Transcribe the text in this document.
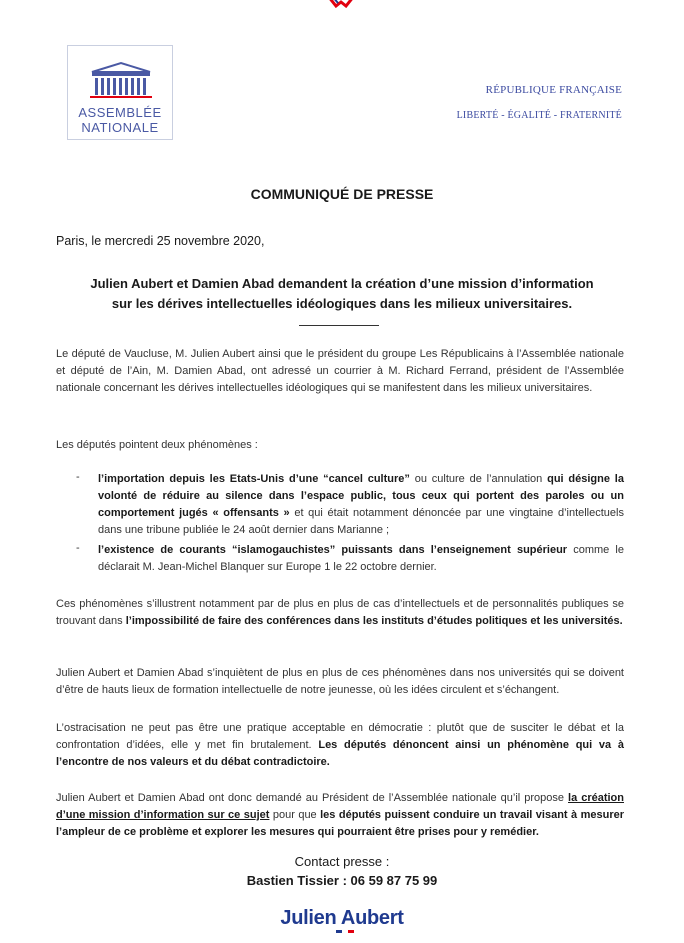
ASSEMBLÉE
NATIONALE
RÉPUBLIQUE FRANÇAISE
LIBERTÉ - ÉGALITÉ - FRATERNITÉ
COMMUNIQUÉ DE PRESSE
Paris, le mercredi 25 novembre 2020,
Julien Aubert et Damien Abad demandent la création d’une mission d’information
sur les dérives intellectuelles idéologiques dans les milieux universitaires.
Le député de Vaucluse, M. Julien Aubert ainsi que le président du groupe Les Républicains à l’Assemblée nationale et député de l’Ain, M. Damien Abad, ont adressé un courrier à M. Richard Ferrand, président de l’Assemblée nationale concernant les dérives intellectuelles idéologiques qui se manifestent dans les milieux universitaires.
Les députés pointent deux phénomènes :
- l’importation depuis les Etats-Unis d’une “cancel culture” ou culture de l’annulation qui désigne la volonté de réduire au silence dans l’espace public, tous ceux qui portent des paroles ou un comportement jugés « offensants » et qui était notamment dénoncée par une vingtaine d’intellectuels dans une tribune publiée le 24 août dernier dans Marianne ;
- l’existence de courants “islamogauchistes” puissants dans l’enseignement supérieur comme le déclarait M. Jean-Michel Blanquer sur Europe 1 le 22 octobre dernier.
Ces phénomènes s’illustrent notamment par de plus en plus de cas d’intellectuels et de personnalités publiques se trouvant dans l’impossibilité de faire des conférences dans les instituts d’études politiques et les universités.
Julien Aubert et Damien Abad s’inquiètent de plus en plus de ces phénomènes dans nos universités qui se doivent d’être de hauts lieux de formation intellectuelle de notre jeunesse, où les idées circulent et s’échangent.
L’ostracisation ne peut pas être une pratique acceptable en démocratie : plutôt que de susciter le débat et la confrontation d’idées, elle y met fin brutalement. Les députés dénoncent ainsi un phénomène qui va à l’encontre de nos valeurs et du débat contradictoire.
Julien Aubert et Damien Abad ont donc demandé au Président de l’Assemblée nationale qu’il propose la création d’une mission d’information sur ce sujet pour que les députés puissent conduire un travail visant à mesurer l’ampleur de ce problème et explorer les mesures qui pourraient être prises pour y remédier.
Contact presse :
Bastien Tissier : 06 59 87 75 99
Julien Aubert
